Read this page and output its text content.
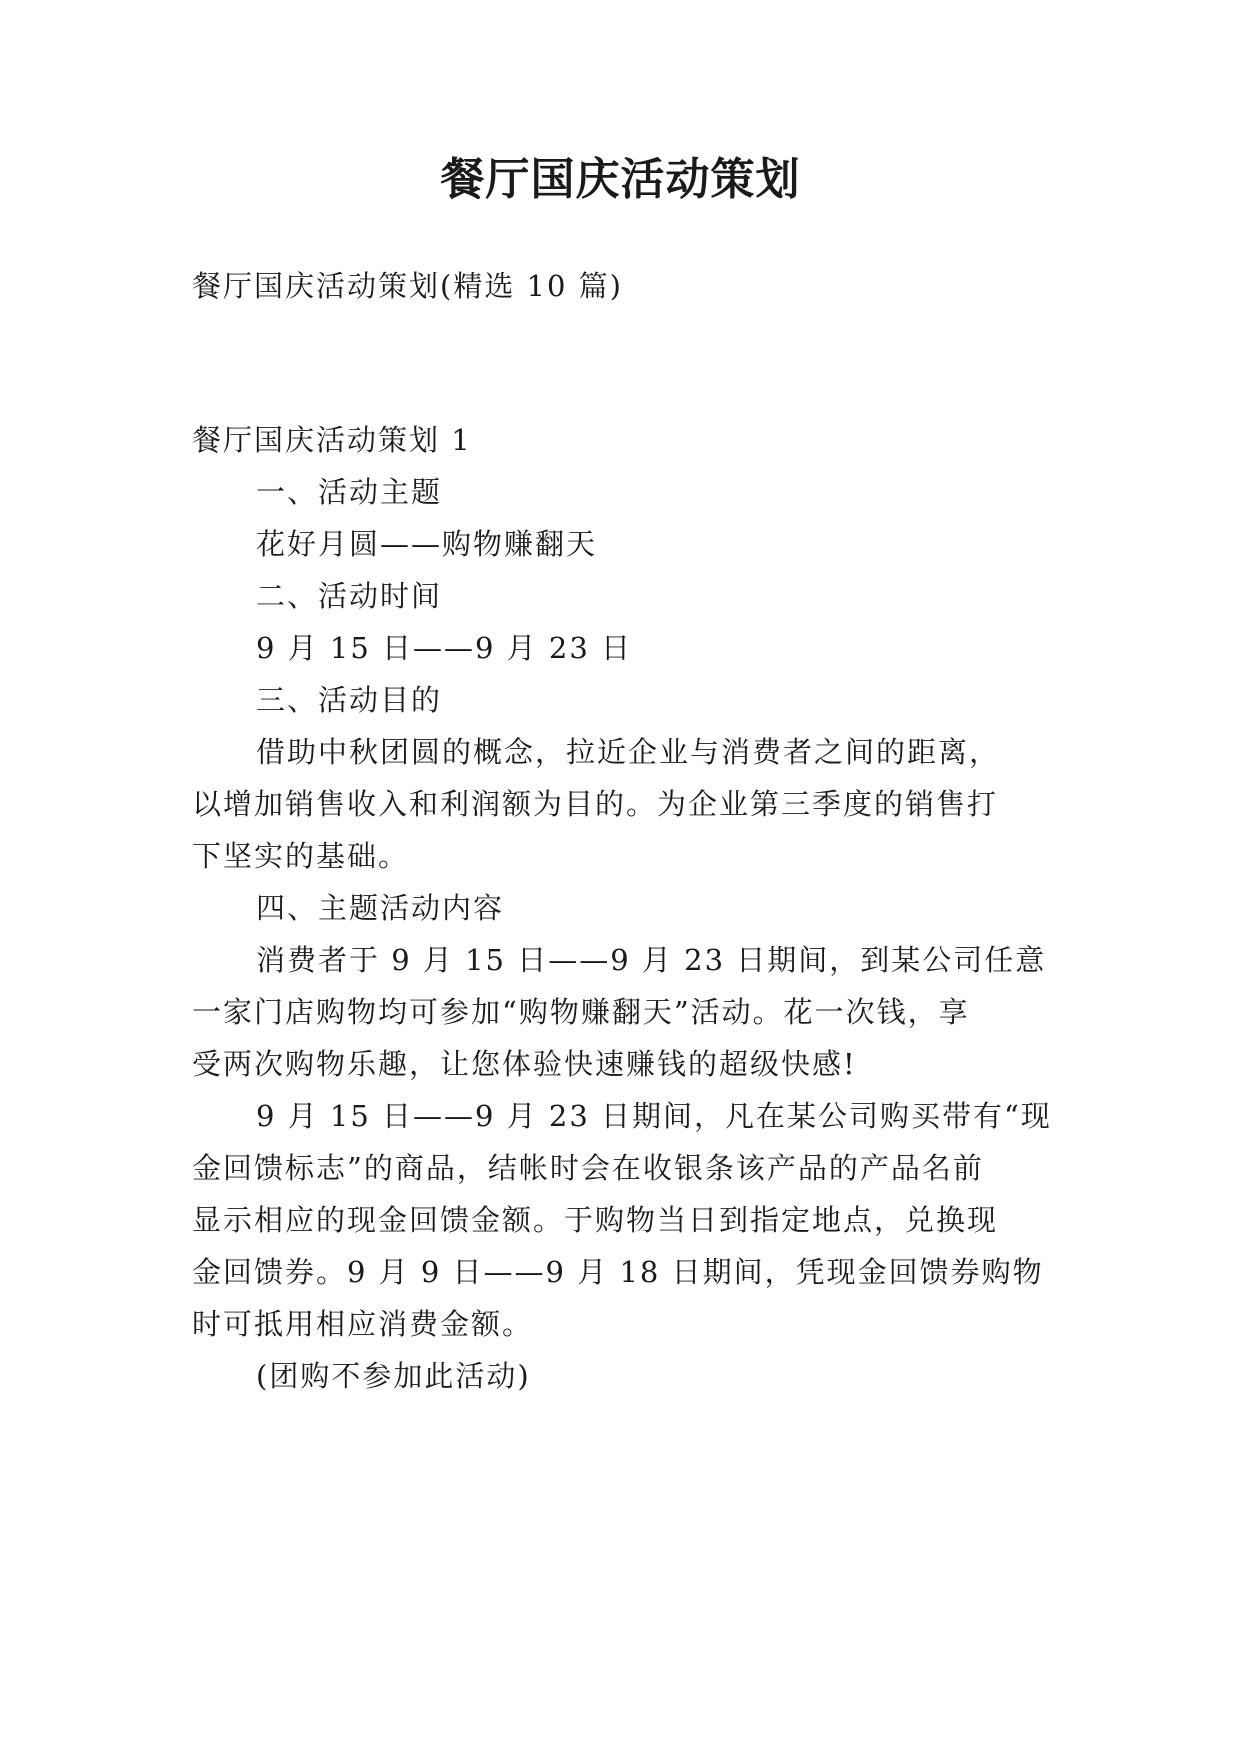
餐厅国庆活动策划
餐厅国庆活动策划(精选 10 篇)
餐厅国庆活动策划 1
一、活动主题
花好月圆——购物赚翻天
二、活动时间
9 月 15 日——9 月 23 日
三、活动目的
借助中秋团圆的概念，拉近企业与消费者之间的距离，
以增加销售收入和利润额为目的。为企业第三季度的销售打
下坚实的基础。
四、主题活动内容
消费者于 9 月 15 日——9 月 23 日期间，到某公司任意
一家门店购物均可参加“购物赚翻天”活动。花一次钱，享
受两次购物乐趣，让您体验快速赚钱的超级快感!
9 月 15 日——9 月 23 日期间，凡在某公司购买带有“现
金回馈标志”的商品，结帐时会在收银条该产品的产品名前
显示相应的现金回馈金额。于购物当日到指定地点，兑换现
金回馈券。9 月 9 日——9 月 18 日期间，凭现金回馈券购物
时可抵用相应消费金额。
(团购不参加此活动)
